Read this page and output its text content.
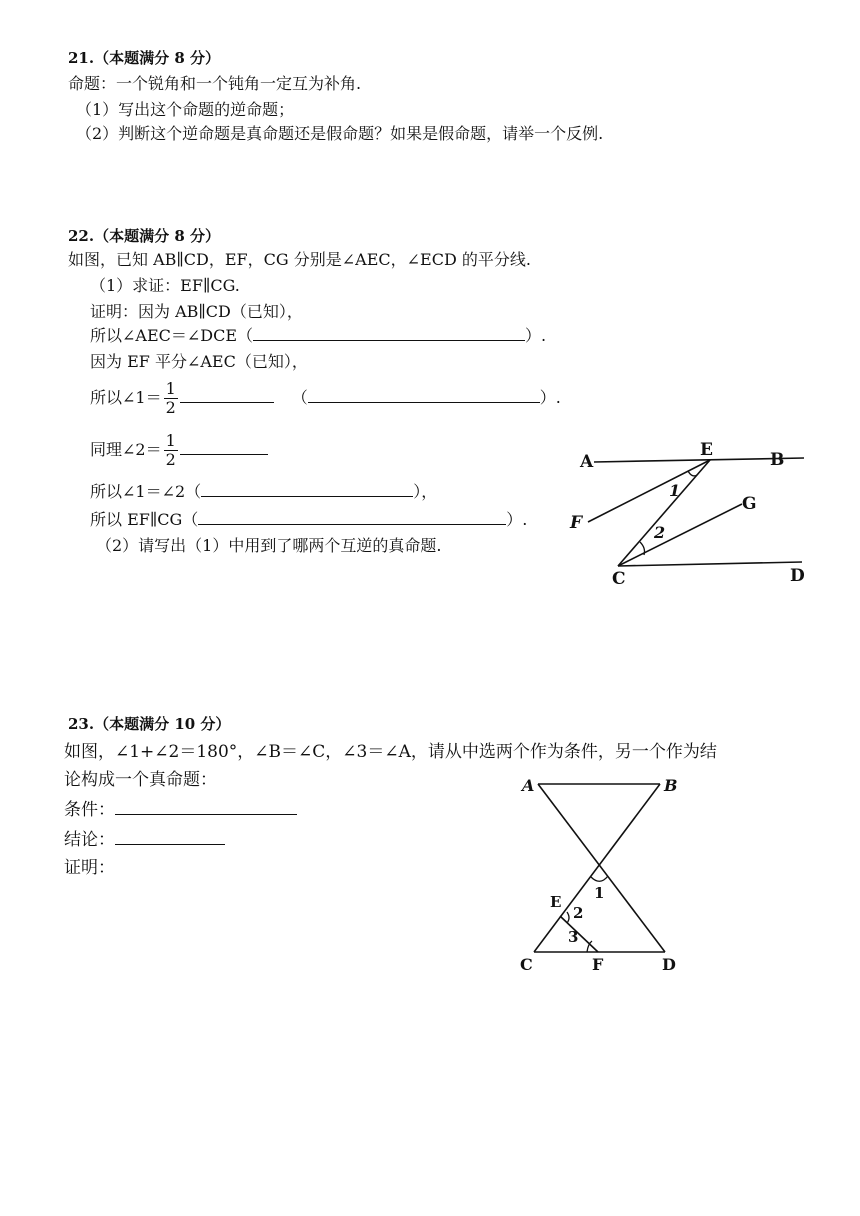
21.（本题满分 8 分）
命题：一个锐角和一个钝角一定互为补角.
（1）写出这个命题的逆命题；
（2）判断这个逆命题是真命题还是假命题？如果是假命题，请举一个反例.
22.（本题满分 8 分）
如图，已知 AB∥CD，EF，CG 分别是∠AEC，∠ECD 的平分线.
（1）求证：EF∥CG.
证明：因为 AB∥CD（已知），
所以∠AEC＝∠DCE（	）.
因为 EF 平分∠AEC（已知），
所以∠1＝ $\frac{1}{2}$	（	）.
同理∠2＝ $\frac{1}{2}$
所以∠1＝∠2（	），
所以 EF∥CG（	）.
（2）请写出（1）中用到了哪两个互逆的真命题.
A	B
E
F
G
C	D
1
2
23.（本题满分 10 分）
如图，∠1+∠2＝180°，∠B＝∠C，∠3＝∠A，请从中选两个作为条件，另一个作为结
论构成一个真命题：
条件：
结论：
证明：
A	B
E
C	F	D
1
2
3
